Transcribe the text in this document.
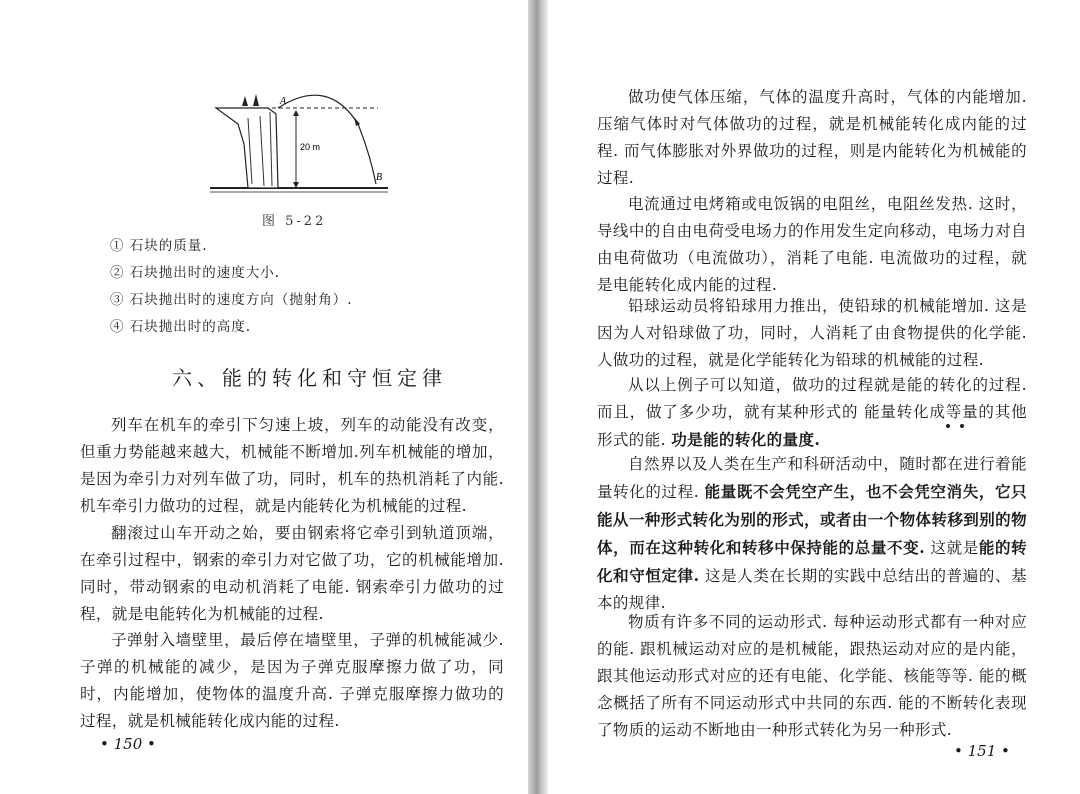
A
B
20 m
图 5-22
① 石块的质量.
② 石块抛出时的速度大小.
③ 石块抛出时的速度方向（抛射角）.
④ 石块抛出时的高度.
六、能的转化和守恒定律

列车在机车的牵引下匀速上坡，列车的动能没有改变，但重力势能越来越大，机械能不断增加.列车机械能的增加，是因为牵引力对列车做了功，同时，机车的热机消耗了内能. 机车牵引力做功的过程，就是内能转化为机械能的过程.

翻滚过山车开动之始，要由钢索将它牵引到轨道顶端，在牵引过程中，钢索的牵引力对它做了功，它的机械能增加.同时，带动钢索的电动机消耗了电能. 钢索牵引力做功的过程，就是电能转化为机械能的过程.

子弹射入墙壁里，最后停在墙壁里，子弹的机械能减少.子弹的机械能的减少，是因为子弹克服摩擦力做了功，同时，内能增加，使物体的温度升高. 子弹克服摩擦力做功的过程，就是机械能转化成内能的过程.

• 150 •

做功使气体压缩，气体的温度升高时，气体的内能增加. 压缩气体时对气体做功的过程，就是机械能转化成内能的过程. 而气体膨胀对外界做功的过程，则是内能转化为机械能的过程.

电流通过电烤箱或电饭锅的电阻丝，电阻丝发热. 这时，导线中的自由电荷受电场力的作用发生定向移动，电场力对自由电荷做功（电流做功），消耗了电能. 电流做功的过程，就是电能转化成内能的过程.

铅球运动员将铅球用力推出，使铅球的机械能增加. 这是因为人对铅球做了功，同时，人消耗了由食物提供的化学能. 人做功的过程，就是化学能转化为铅球的机械能的过程.

从以上例子可以知道，做功的过程就是能的转化的过程.而且，做了多少功，就有某种形式的 能量转化成等量的其他形式的能. 功是能的转化的量度.

自然界以及人类在生产和科研活动中，随时都在进行着能量转化的过程. 能量既不会凭空产生，也不会凭空消失，它只能从一种形式转化为别的形式，或者由一个物体转移到别的物体，而在这种转化和转移中保持能的总量不变. 这就是能的转化和守恒定律. 这是人类在长期的实践中总结出的普遍的、基本的规律.

物质有许多不同的运动形式. 每种运动形式都有一种对应的能. 跟机械运动对应的是机械能，跟热运动对应的是内能，跟其他运动形式对应的还有电能、化学能、核能等等. 能的概念概括了所有不同运动形式中共同的东西. 能的不断转化表现了物质的运动不断地由一种形式转化为另一种形式.

• 151 •
